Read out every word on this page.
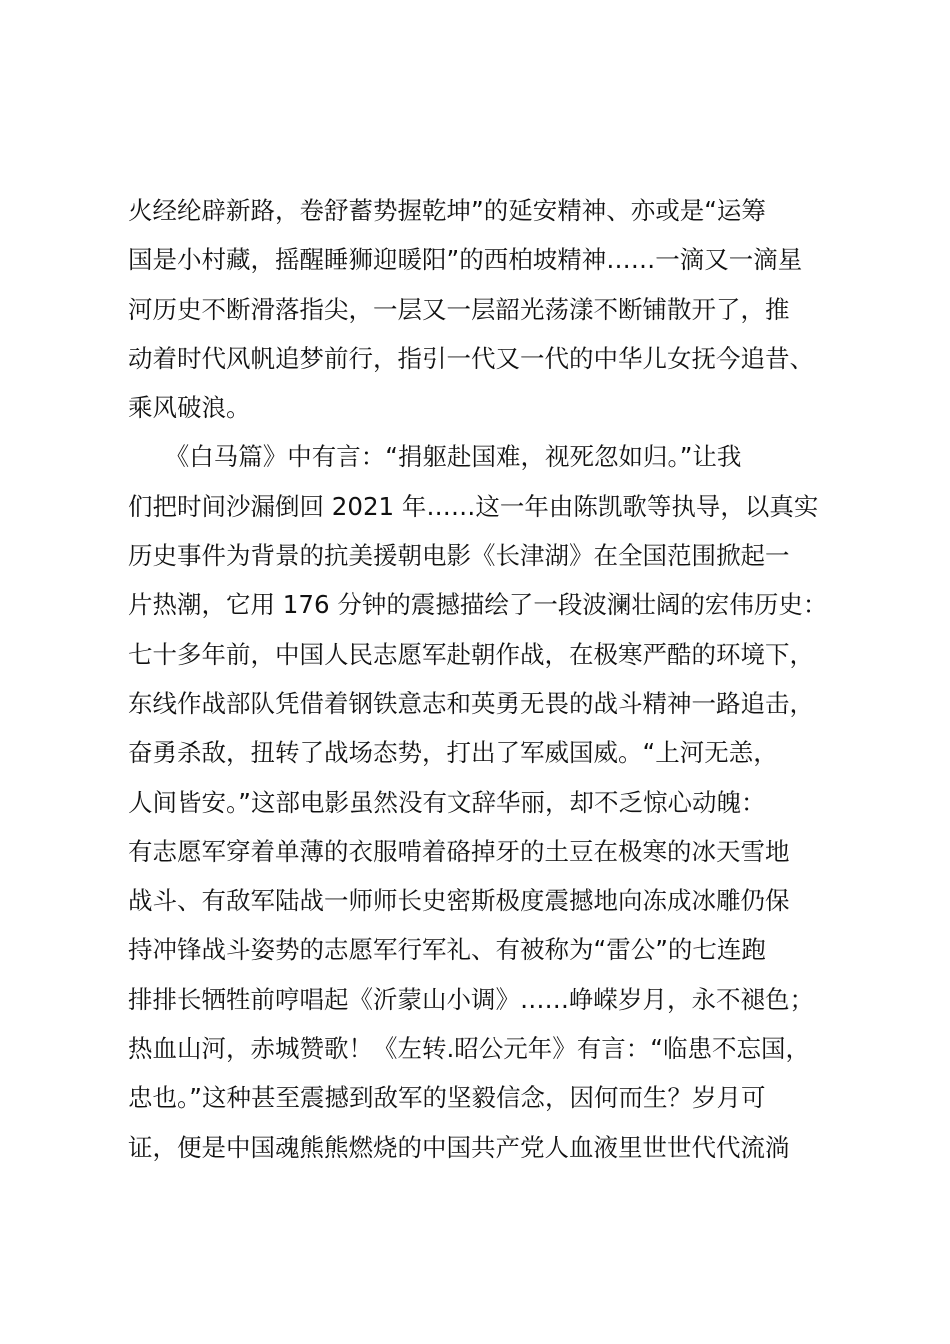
火经纶辟新路，卷舒蓄势握乾坤”的延安精神、亦或是“运筹
国是小村藏，摇醒睡狮迎暖阳”的西柏坡精神……一滴又一滴星
河历史不断滑落指尖，一层又一层韶光荡漾不断铺散开了，推
动着时代风帆追梦前行，指引一代又一代的中华儿女抚今追昔、
乘风破浪。
　　《白马篇》中有言：“捐躯赴国难，视死忽如归。”让我
们把时间沙漏倒回 2021 年……这一年由陈凯歌等执导，以真实
历史事件为背景的抗美援朝电影《长津湖》在全国范围掀起一
片热潮，它用 176 分钟的震撼描绘了一段波澜壮阔的宏伟历史：
七十多年前，中国人民志愿军赴朝作战，在极寒严酷的环境下，
东线作战部队凭借着钢铁意志和英勇无畏的战斗精神一路追击，
奋勇杀敌，扭转了战场态势，打出了军威国威。“上河无恙，
人间皆安。”这部电影虽然没有文辞华丽，却不乏惊心动魄：
有志愿军穿着单薄的衣服啃着硌掉牙的土豆在极寒的冰天雪地
战斗、有敌军陆战一师师长史密斯极度震撼地向冻成冰雕仍保
持冲锋战斗姿势的志愿军行军礼、有被称为“雷公”的七连跑
排排长牺牲前哼唱起《沂蒙山小调》……峥嵘岁月，永不褪色；
热血山河，赤城赞歌！《左转.昭公元年》有言：“临患不忘国，
忠也。”这种甚至震撼到敌军的坚毅信念，因何而生？岁月可
证，便是中国魂熊熊燃烧的中国共产党人血液里世世代代流淌
